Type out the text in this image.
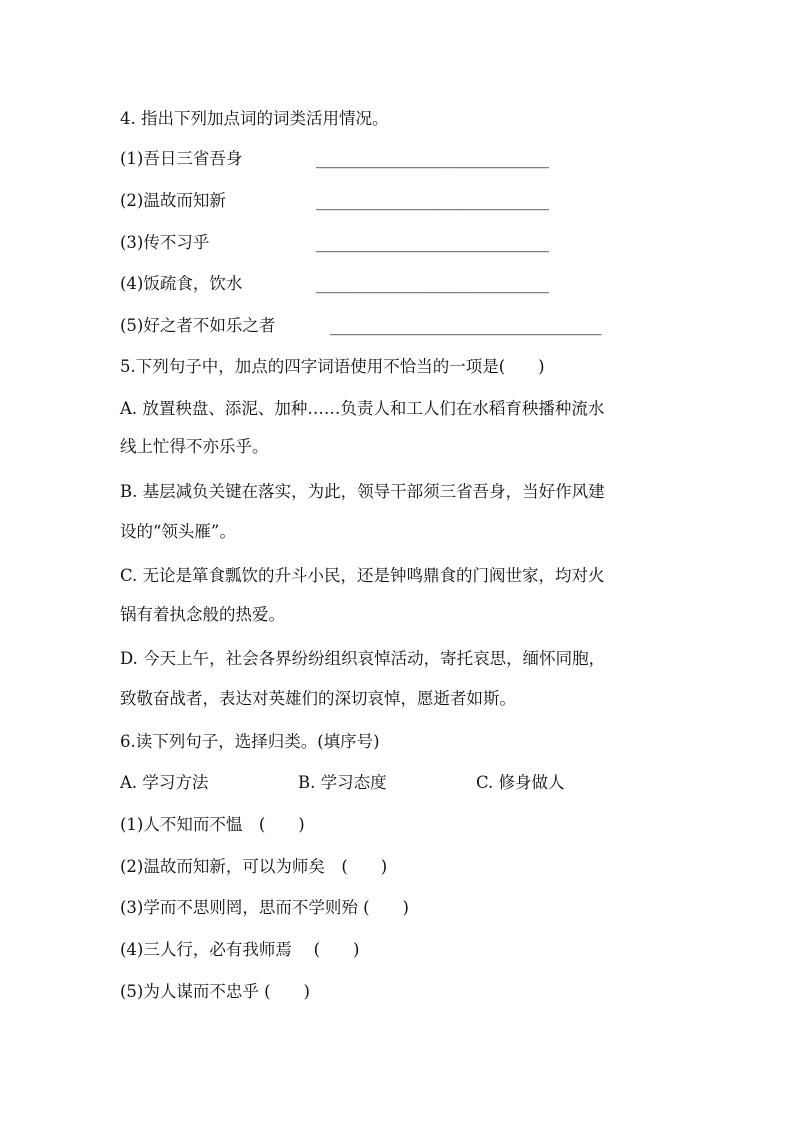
4. 指出下列加点词的词类活用情况。
(1)吾日三省吾身	______________________________
(2)温故而知新	______________________________
(3)传不习乎	______________________________
(4)饭疏食，饮水	______________________________
(5)好之者不如乐之者	___________________________________
5.下列句子中，加点的四字词语使用不恰当的一项是(　　)
A. 放置秧盘、添泥、加种……负责人和工人们在水稻育秧播种流水
线上忙得不亦乐乎。
B. 基层减负关键在落实，为此，领导干部须三省吾身，当好作风建
设的“领头雁”。
C. 无论是箪食瓢饮的升斗小民，还是钟鸣鼎食的门阀世家，均对火
锅有着执念般的热爱。
D. 今天上午，社会各界纷纷组织哀悼活动，寄托哀思，缅怀同胞，
致敬奋战者，表达对英雄们的深切哀悼，愿逝者如斯。
6.读下列句子，选择归类。(填序号)
A. 学习方法	B. 学习态度	C. 修身做人
(1)人不知而不愠　(　　)
(2)温故而知新，可以为师矣　(　　)
(3)学而不思则罔，思而不学则殆 (　　)
(4)三人行，必有我师焉　 (　　)
(5)为人谋而不忠乎 (　　)
